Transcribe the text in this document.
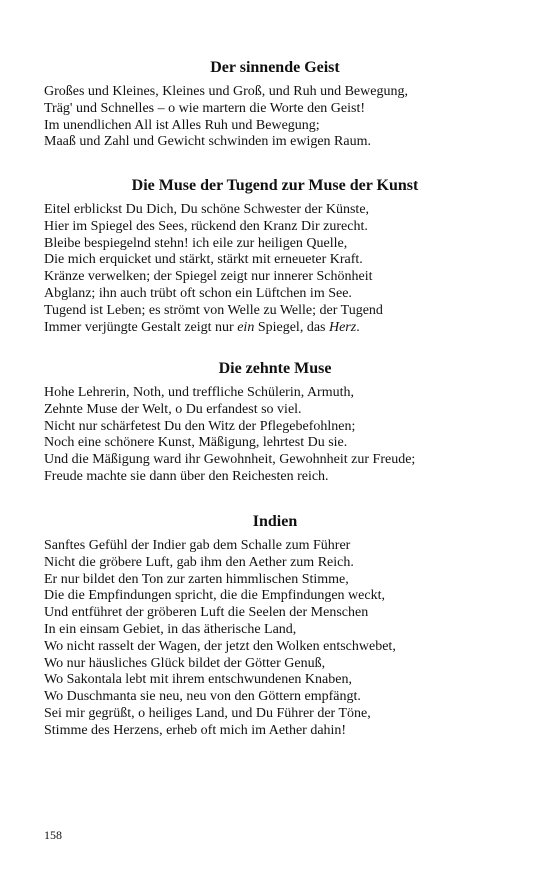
Der sinnende Geist
Großes und Kleines, Kleines und Groß, und Ruh und Bewegung,
Träg' und Schnelles – o wie martern die Worte den Geist!
Im unendlichen All ist Alles Ruh und Bewegung;
Maaß und Zahl und Gewicht schwinden im ewigen Raum.
Die Muse der Tugend zur Muse der Kunst
Eitel erblickst Du Dich, Du schöne Schwester der Künste,
Hier im Spiegel des Sees, rückend den Kranz Dir zurecht.
Bleibe bespiegelnd stehn! ich eile zur heiligen Quelle,
Die mich erquicket und stärkt, stärkt mit erneueter Kraft.
Kränze verwelken; der Spiegel zeigt nur innerer Schönheit
Abglanz; ihn auch trübt oft schon ein Lüftchen im See.
Tugend ist Leben; es strömt von Welle zu Welle; der Tugend
Immer verjüngte Gestalt zeigt nur ein Spiegel, das Herz.
Die zehnte Muse
Hohe Lehrerin, Noth, und treffliche Schülerin, Armuth,
Zehnte Muse der Welt, o Du erfandest so viel.
Nicht nur schärfetest Du den Witz der Pflegebefohlnen;
Noch eine schönere Kunst, Mäßigung, lehrtest Du sie.
Und die Mäßigung ward ihr Gewohnheit, Gewohnheit zur Freude;
Freude machte sie dann über den Reichesten reich.
Indien
Sanftes Gefühl der Indier gab dem Schalle zum Führer
Nicht die gröbere Luft, gab ihm den Aether zum Reich.
Er nur bildet den Ton zur zarten himmlischen Stimme,
Die die Empfindungen spricht, die die Empfindungen weckt,
Und entführet der gröberen Luft die Seelen der Menschen
In ein einsam Gebiet, in das ätherische Land,
Wo nicht rasselt der Wagen, der jetzt den Wolken entschwebet,
Wo nur häusliches Glück bildet der Götter Genuß,
Wo Sakontala lebt mit ihrem entschwundenen Knaben,
Wo Duschmanta sie neu, neu von den Göttern empfängt.
Sei mir gegrüßt, o heiliges Land, und Du Führer der Töne,
Stimme des Herzens, erheb oft mich im Aether dahin!
158
